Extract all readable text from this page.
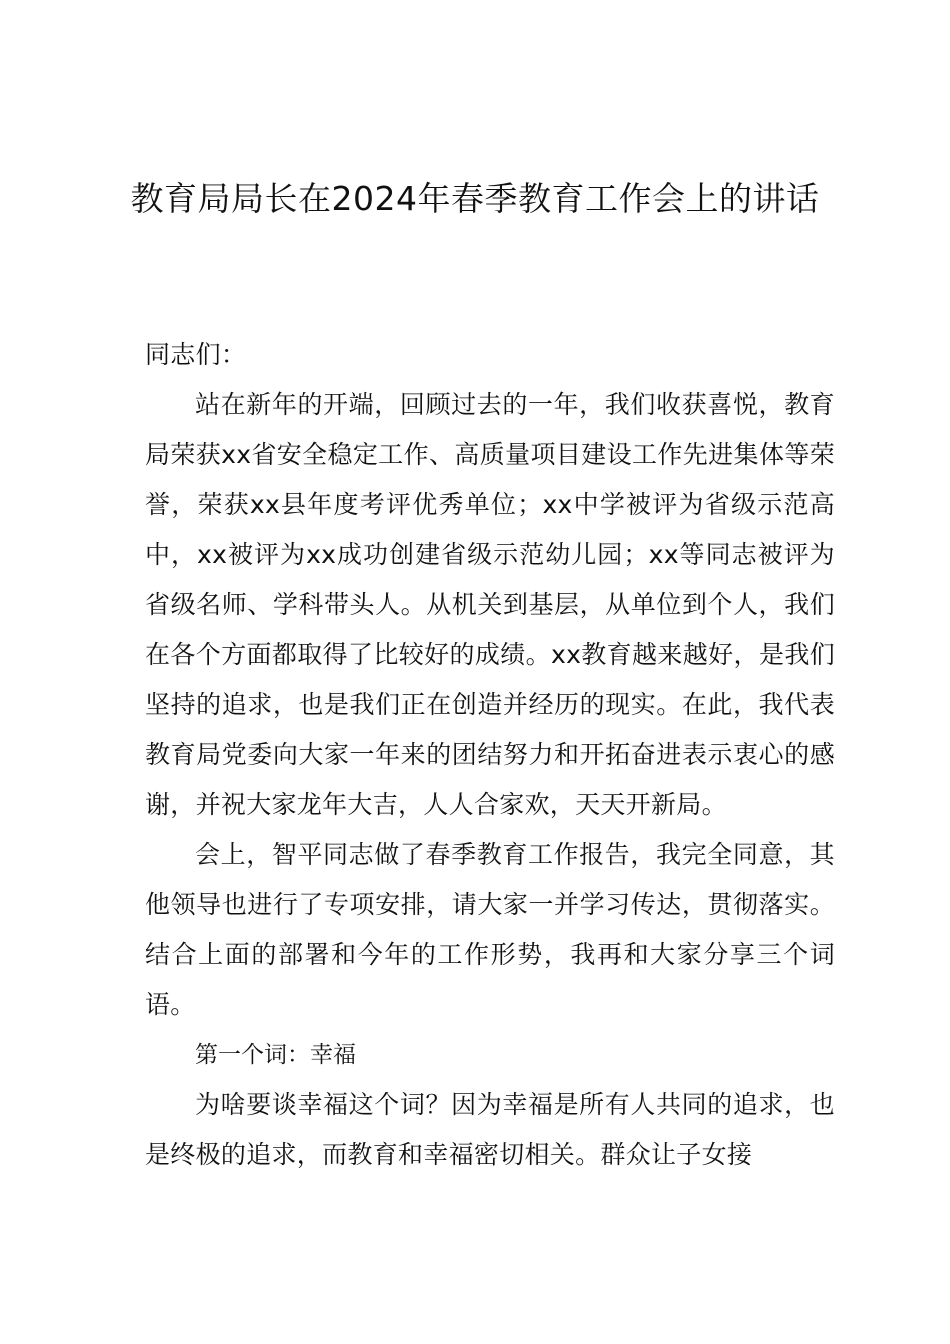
教育局局长在2024年春季教育工作会上的讲话

同志们：

站在新年的开端，回顾过去的一年，我们收获喜悦，教育局荣获xx省安全稳定工作、高质量项目建设工作先进集体等荣誉，荣获xx县年度考评优秀单位；xx中学被评为省级示范高中，xx被评为xx成功创建省级示范幼儿园；xx等同志被评为省级名师、学科带头人。从机关到基层，从单位到个人，我们在各个方面都取得了比较好的成绩。xx教育越来越好，是我们坚持的追求，也是我们正在创造并经历的现实。在此，我代表教育局党委向大家一年来的团结努力和开拓奋进表示衷心的感谢，并祝大家龙年大吉，人人合家欢，天天开新局。

会上，智平同志做了春季教育工作报告，我完全同意，其他领导也进行了专项安排，请大家一并学习传达，贯彻落实。结合上面的部署和今年的工作形势，我再和大家分享三个词语。

第一个词：幸福

为啥要谈幸福这个词？因为幸福是所有人共同的追求，也是终极的追求，而教育和幸福密切相关。群众让子女接
